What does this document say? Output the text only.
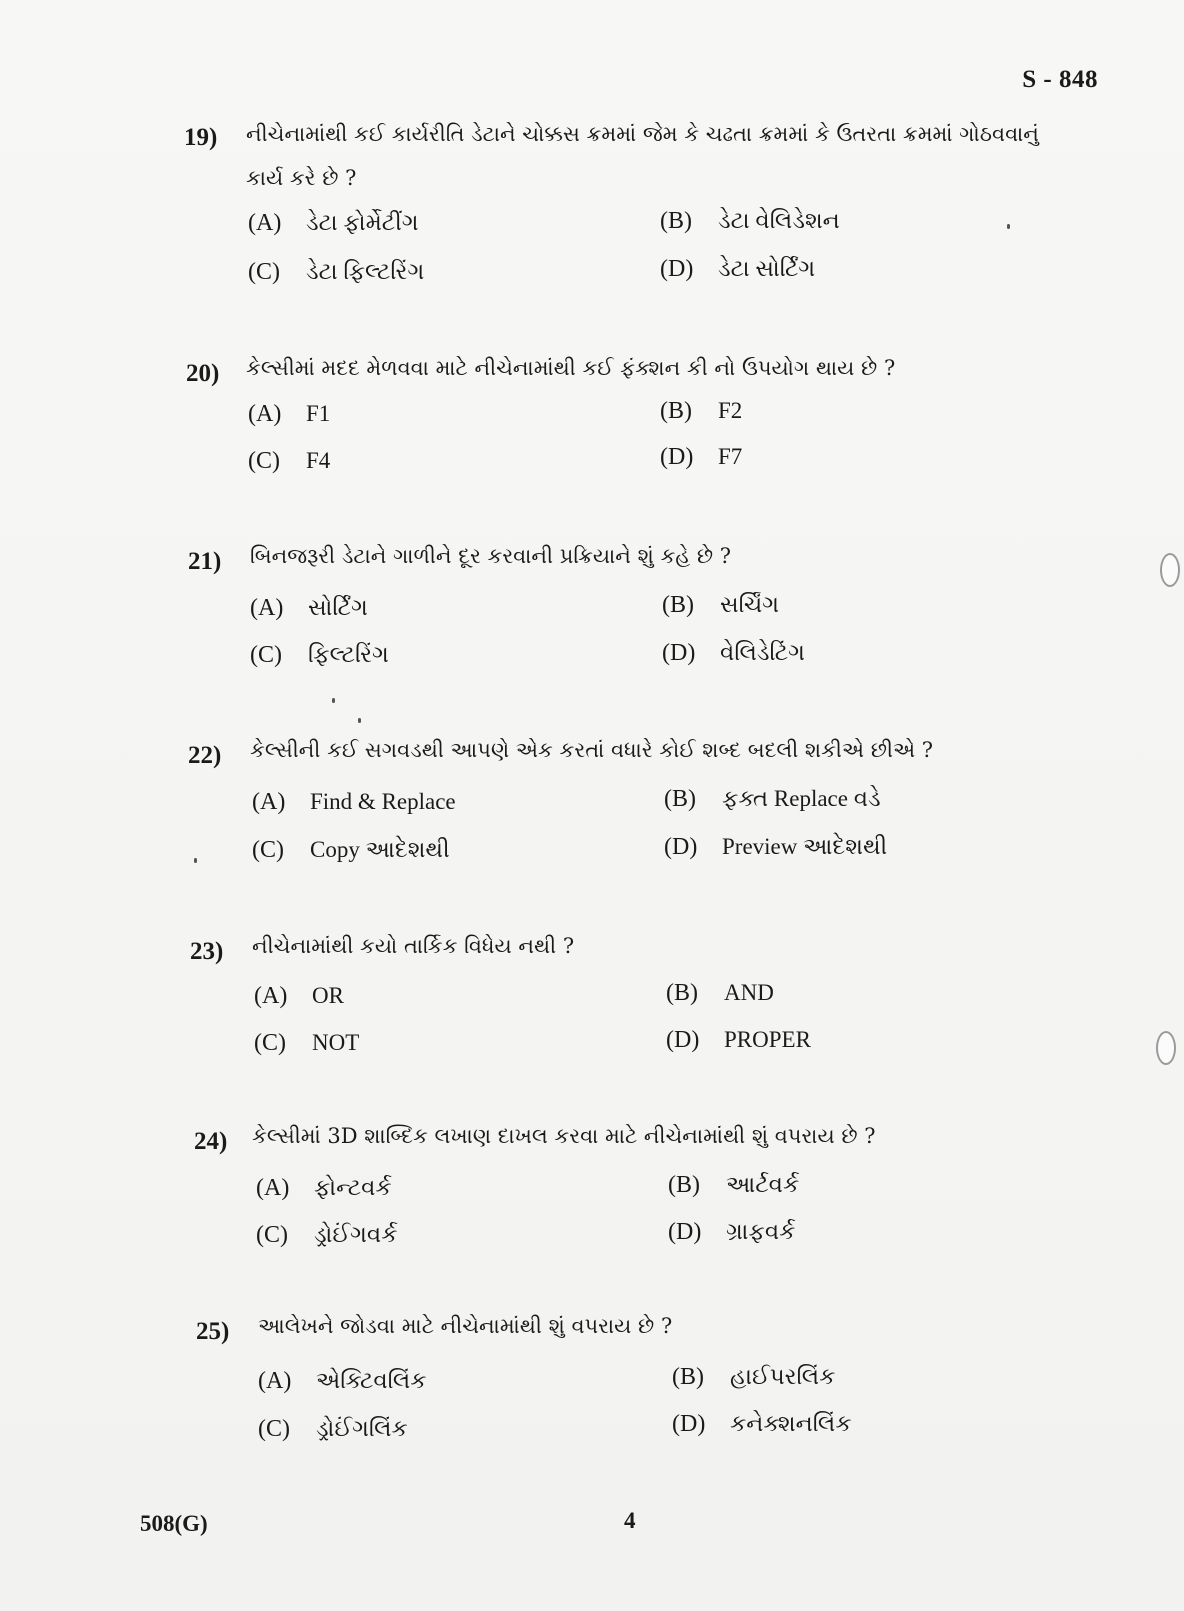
S - 848
19) નીચેનામાંથી કઈ કાર્યરીતિ ડેટાને ચોક્કસ ક્રમમાં જેમ કે ચઢતા ક્રમમાં કે ઉતરતા ક્રમમાં ગોઠવવાનું
કાર્ય કરે છે ?
(A) ડેટા ફોર્મેટીંગ	(B) ડેટા વેલિડેશન
(C) ડેટા ફિલ્ટરિંગ	(D) ડેટા સોર્ટિંગ
20) કેલ્સીમાં મદદ મેળવવા માટે નીચેનામાંથી કઈ ફંક્શન કી નો ઉપયોગ થાય છે ?
(A) F1	(B) F2
(C) F4	(D) F7
21) બિનજરૂરી ડેટાને ગાળીને દૂર કરવાની પ્રક્રિયાને શું કહે છે ?
(A) સોર્ટિંગ	(B) સર્ચિંગ
(C) ફિલ્ટરિંગ	(D) વેલિડેટિંગ
22) કેલ્સીની કઈ સગવડથી આપણે એક કરતાં વધારે કોઈ શબ્દ બદલી શકીએ છીએ ?
(A) Find & Replace	(B) ફક્ત Replace વડે
(C) Copy આદેશથી	(D) Preview આદેશથી
23) નીચેનામાંથી કયો તાર્કિક વિધેય નથી ?
(A) OR	(B) AND
(C) NOT	(D) PROPER
24) કેલ્સીમાં 3D શાબ્દિક લખાણ દાખલ કરવા માટે નીચેનામાંથી શું વપરાય છે ?
(A) ફોન્ટવર્ક	(B) આર્ટવર્ક
(C) ડ્રોઈંગવર્ક	(D) ગ્રાફવર્ક
25) આલેખને જોડવા માટે નીચેનામાંથી શું વપરાય છે ?
(A) એક્ટિવલિંક	(B) હાઈપરલિંક
(C) ડ્રોઈંગલિંક	(D) કનેક્શનલિંક
508(G)	4
